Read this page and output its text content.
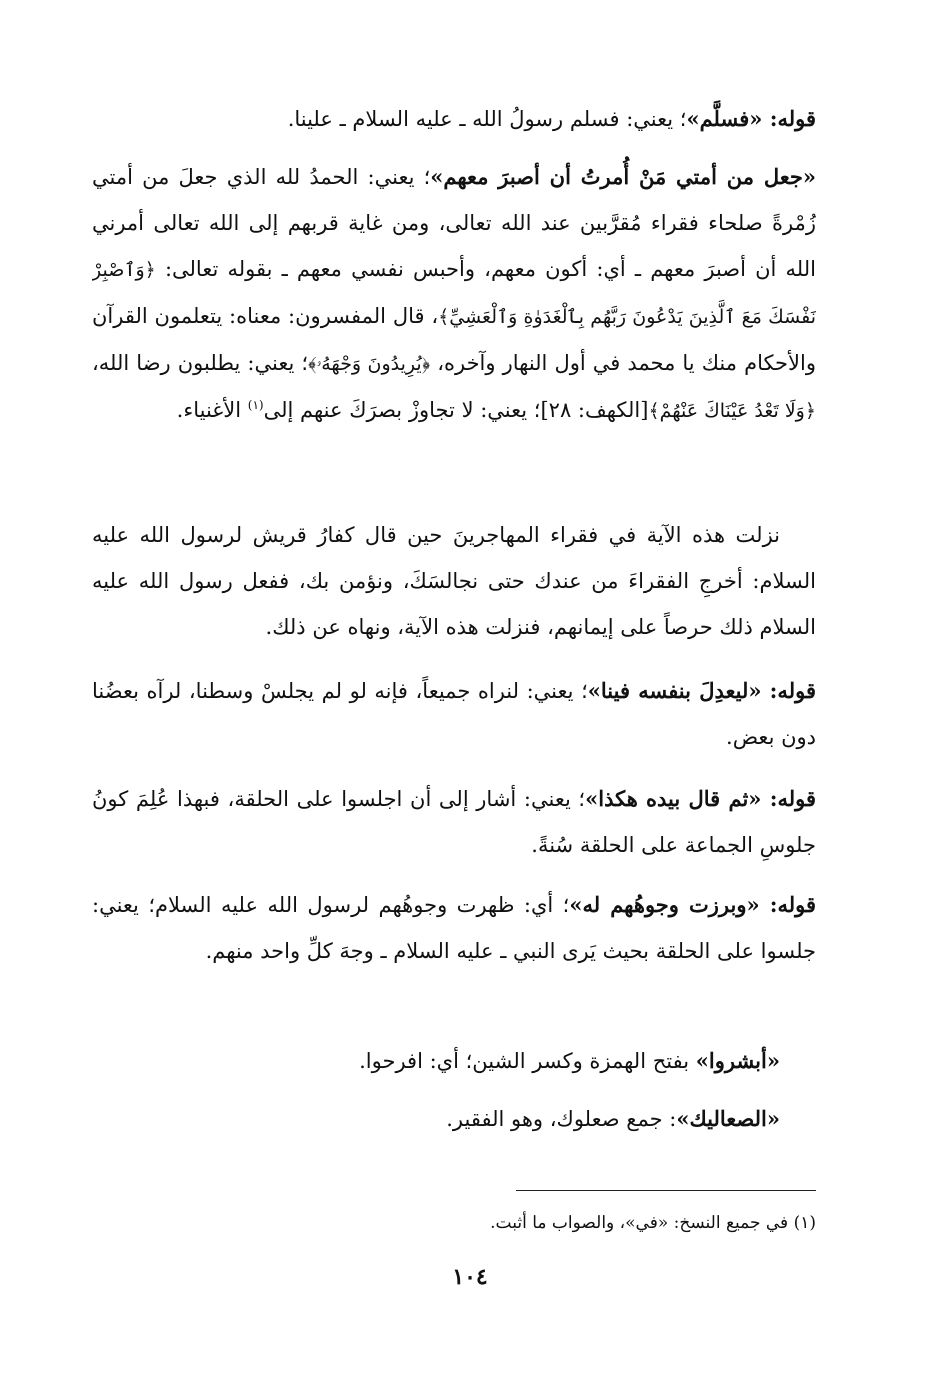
قوله: «فسلَّم»؛ يعني: فسلم رسولُ الله ـ عليه السلام ـ علينا.
«جعل من أمتي مَنْ أُمرتُ أن أصبرَ معهم»؛ يعني: الحمدُ لله الذي جعلَ من أمتي زُمْرةً صلحاء فقراء مُقرَّبين عند الله تعالى، ومن غاية قربهم إلى الله تعالى أمرني الله أن أصبرَ معهم ـ أي: أكون معهم، وأحبس نفسي معهم ـ بقوله تعالى: ﴿وَٱصْبِرْ نَفْسَكَ مَعَ ٱلَّذِينَ يَدْعُونَ رَبَّهُم بِٱلْغَدَوٰةِ وَٱلْعَشِيِّ﴾، قال المفسرون: معناه: يتعلمون القرآن والأحكام منك يا محمد في أول النهار وآخره، ﴿يُرِيدُونَ وَجْهَهُۥ﴾؛ يعني: يطلبون رضا الله، ﴿وَلَا تَعْدُ عَيْنَاكَ عَنْهُمْ﴾[الكهف: ٢٨]؛ يعني: لا تجاوزْ بصرَكَ عنهم إلى$^{(١)}$ الأغنياء.
نزلت هذه الآية في فقراء المهاجرينَ حين قال كفارُ قريش لرسول الله عليه السلام: أخرجِ الفقراءَ من عندك حتى نجالسَكَ، ونؤمن بك، ففعل رسول الله عليه السلام ذلك حرصاً على إيمانهم، فنزلت هذه الآية، ونهاه عن ذلك.
قوله: «ليعدِلَ بنفسه فينا»؛ يعني: لنراه جميعاً، فإنه لو لم يجلسْ وسطنا، لرآه بعضُنا دون بعض.
قوله: «ثم قال بيده هكذا»؛ يعني: أشار إلى أن اجلسوا على الحلقة، فبهذا عُلِمَ كونُ جلوسِ الجماعة على الحلقة سُنةً.
قوله: «وبرزت وجوهُهم له»؛ أي: ظهرت وجوهُهم لرسول الله عليه السلام؛ يعني: جلسوا على الحلقة بحيث يَرى النبي ـ عليه السلام ـ وجهَ كلِّ واحد منهم.
«أبشروا» بفتح الهمزة وكسر الشين؛ أي: افرحوا.
«الصعاليك»: جمع صعلوك، وهو الفقير.
(١) في جميع النسخ: «في»، والصواب ما أثبت.
١٠٤
